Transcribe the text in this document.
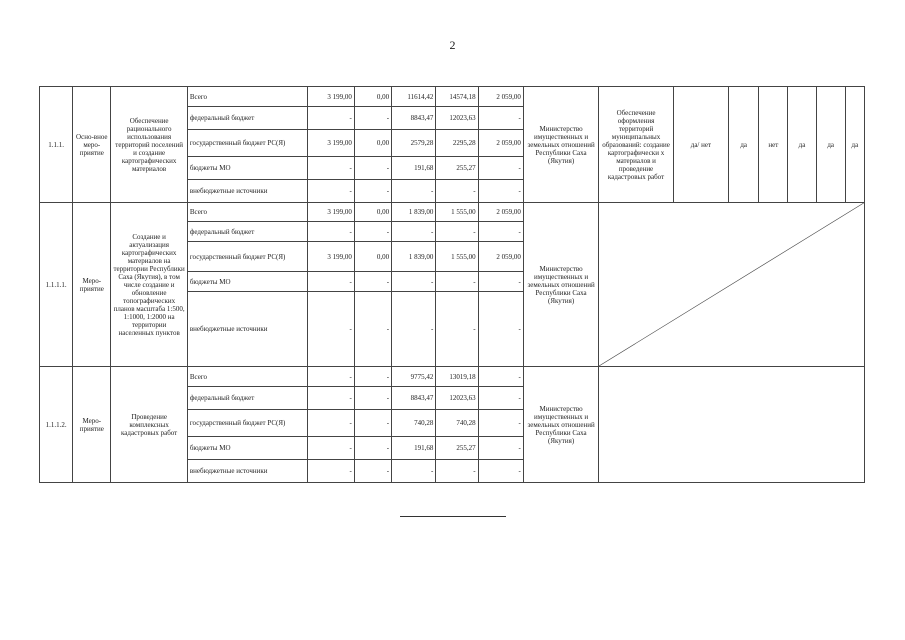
2
1.1.1.	Осно-вное меро-приятие	Обеспечение рационального использования территорий поселений и создание картографических материалов	Всего	3 199,00	0,00	11614,42	14574,18	2 059,00	Министерство имущественных и земельных отношений Республики Саха (Якутия)	Обеспечение оформления территорий муниципальных образований: создание картографически х материалов и проведение кадастровых работ	да/ нет	да	нет	да	да	да
			федеральный бюджет	-	-	8843,47	12023,63	-								
			государственный бюджет РС(Я)	3 199,00	0,00	2579,28	2295,28	2 059,00								
			бюджеты МО	-	-	191,68	255,27	-								
			внебюджетные источники	-	-	-	-	-								
1.1.1.1.	Меро-приятие	Создание и актуализация картографических материалов на территории Республики Саха (Якутия), в том числе создание и обновление топографических планов масштаба 1:500, 1:1000, 1:2000 на территории населенных пунктов	Всего	3 199,00	0,00	1 839,00	1 555,00	2 059,00	Министерство имущественных и земельных отношений Республики Саха (Якутия)	

			федеральный бюджет	-	-	-	-	-								
			государственный бюджет РС(Я)	3 199,00	0,00	1 839,00	1 555,00	2 059,00								
			бюджеты МО	-	-	-	-	-								
			внебюджетные источники	-	-	-	-	-								
1.1.1.2.	Меро-приятие	Проведение комплексных кадастровых работ	Всего	-	-	9775,42	13019,18	-	Министерство имущественных и земельных отношений Республики Саха (Якутия)							
			федеральный бюджет	-	-	8843,47	12023,63	-								
			государственный бюджет РС(Я)	-	-	740,28	740,28	-								
			бюджеты МО	-	-	191,68	255,27	-								
			внебюджетные источники	-	-	-	-	-								
